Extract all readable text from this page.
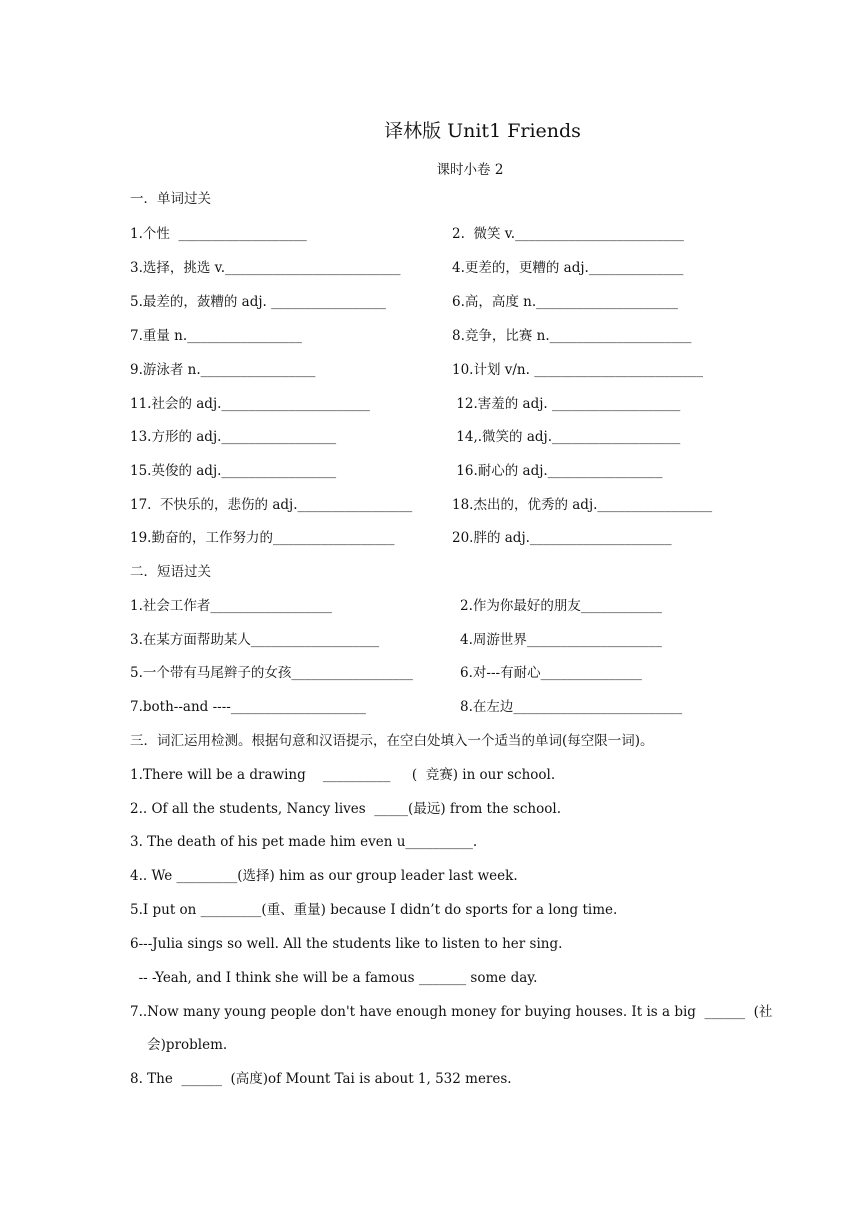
译林版 Unit1 Friends
课时小卷 2
一．单词过关
1.个性  ___________________	2.  微笑 v._________________________
3.选择，挑选 v.__________________________	4.更差的，更糟的 adj.______________
5.最差的，蔹糟的 adj. _________________	6.高，高度 n._____________________
7.重量 n._________________	8.竞争，比赛 n._____________________
9.游泳者 n._________________	10.计划 v/n. _________________________
11.社会的 adj.______________________	12.害羞的 adj. ___________________
13.方形的 adj._________________	14,.微笑的 adj.___________________
15.英俊的 adj._________________	16.耐心的 adj._________________
17.  不快乐的，悲伤的 adj._________________	18.杰出的，优秀的 adj._________________
19.勤奋的，工作努力的__________________	20.胖的 adj._____________________
二．短语过关
1.社会工作者__________________	2.作为你最好的朋友____________
3.在某方面帮助某人___________________	4.周游世界____________________
5.一个带有马尾辫子的女孩__________________	6.对---有耐心_______________
7.both--and ----____________________	8.在左边_________________________
三．词汇运用检测。根据句意和汉语提示，在空白处填入一个适当的单词(每空限一词)。
1.There will be a drawing    __________     (  竞赛) in our school.
2.. Of all the students, Nancy lives  _____(最远) from the school.
3. The death of his pet made him even u__________.
4.. We _________(选择) him as our group leader last week.
5.I put on _________(重、重量) because I didn’t do sports for a long time.
6---Julia sings so well. All the students like to listen to her sing.
-- -Yeah, and I think she will be a famous _______ some day.
7..Now many young people don't have enough money for buying houses. It is a big  ______  (社
会)problem.
8. The  ______  (高度)of Mount Tai is about 1, 532 meres.
